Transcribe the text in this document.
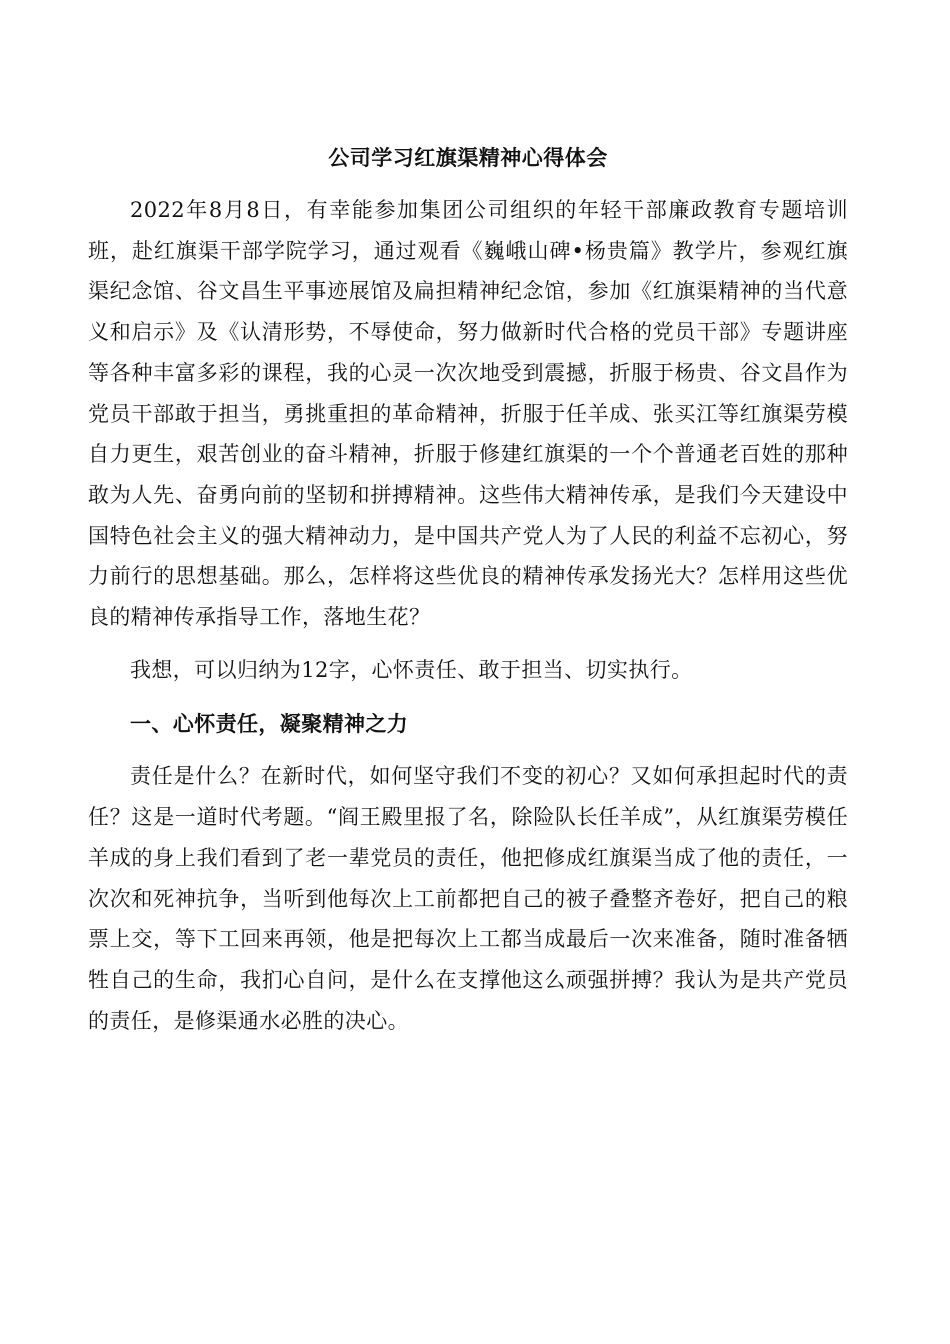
公司学习红旗渠精神心得体会

2022年8月8日，有幸能参加集团公司组织的年轻干部廉政教育专题培训班，赴红旗渠干部学院学习，通过观看《巍峨山碑•杨贵篇》教学片，参观红旗渠纪念馆、谷文昌生平事迹展馆及扁担精神纪念馆，参加《红旗渠精神的当代意义和启示》及《认清形势，不辱使命，努力做新时代合格的党员干部》专题讲座等各种丰富多彩的课程，我的心灵一次次地受到震撼，折服于杨贵、谷文昌作为党员干部敢于担当，勇挑重担的革命精神，折服于任羊成、张买江等红旗渠劳模自力更生，艰苦创业的奋斗精神，折服于修建红旗渠的一个个普通老百姓的那种敢为人先、奋勇向前的坚韧和拼搏精神。这些伟大精神传承，是我们今天建设中国特色社会主义的强大精神动力，是中国共产党人为了人民的利益不忘初心，努力前行的思想基础。那么，怎样将这些优良的精神传承发扬光大？怎样用这些优良的精神传承指导工作，落地生花？

我想，可以归纳为12字，心怀责任、敢于担当、切实执行。

一、心怀责任，凝聚精神之力

责任是什么？在新时代，如何坚守我们不变的初心？又如何承担起时代的责任？这是一道时代考题。“阎王殿里报了名，除险队长任羊成”，从红旗渠劳模任羊成的身上我们看到了老一辈党员的责任，他把修成红旗渠当成了他的责任，一次次和死神抗争，当听到他每次上工前都把自己的被子叠整齐卷好，把自己的粮票上交，等下工回来再领，他是把每次上工都当成最后一次来准备，随时准备牺牲自己的生命，我扪心自问，是什么在支撑他这么顽强拼搏？我认为是共产党员的责任，是修渠通水必胜的决心。
